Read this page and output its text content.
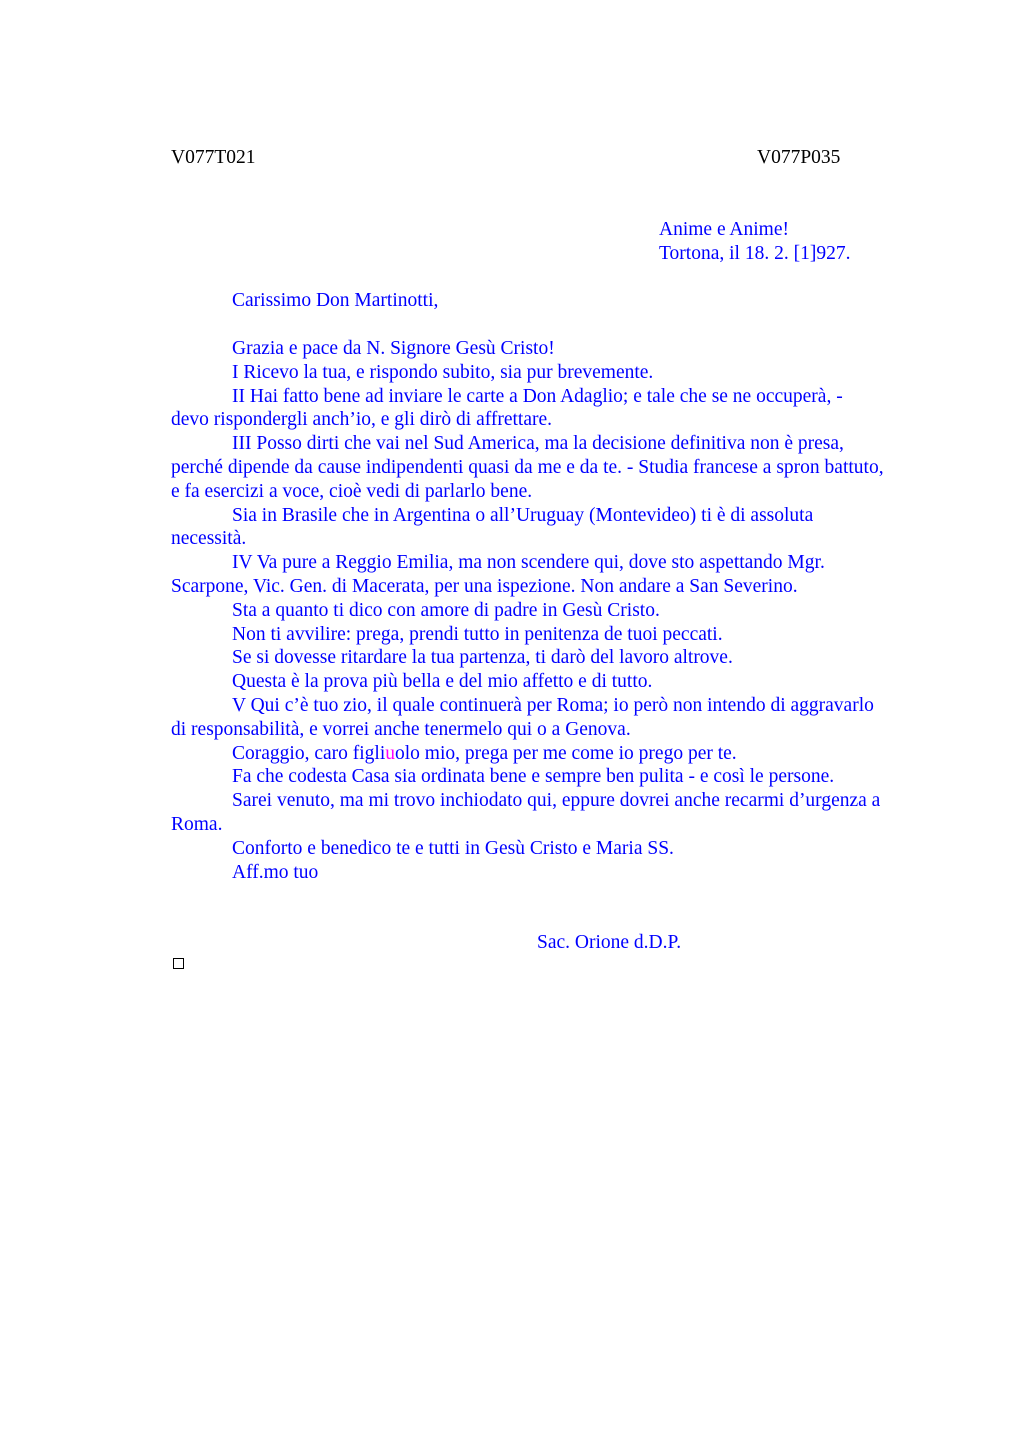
V077T021	V077P035
Anime e Anime!
Tortona, il 18. 2. [1]927.
Carissimo Don Martinotti,

Grazia e pace da N. Signore Gesù Cristo!

I Ricevo la tua, e rispondo subito, sia pur brevemente.

II Hai fatto bene ad inviare le carte a Don Adaglio; e tale che se ne occuperà, -
devo rispondergli anch’io, e gli dirò di affrettare.

III Posso dirti che vai nel Sud America, ma la decisione definitiva non è presa,
perché dipende da cause indipendenti quasi da me e da te. - Studia francese a spron battuto,
e fa esercizi a voce, cioè vedi di parlarlo bene.

Sia in Brasile che in Argentina o all’Uruguay (Montevideo) ti è di assoluta
necessità.

IV Va pure a Reggio Emilia, ma non scendere qui, dove sto aspettando Mgr.
Scarpone, Vic. Gen. di Macerata, per una ispezione. Non andare a San Severino.

Sta a quanto ti dico con amore di padre in Gesù Cristo.

Non ti avvilire: prega, prendi tutto in penitenza de tuoi peccati.

Se si dovesse ritardare la tua partenza, ti darò del lavoro altrove.

Questa è la prova più bella e del mio affetto e di tutto.

V Qui c’è tuo zio, il quale continuerà per Roma; io però non intendo di aggravarlo
di responsabilità, e vorrei anche tenermelo qui o a Genova.

Coraggio, caro figliuolo mio, prega per me come io prego per te.

Fa che codesta Casa sia ordinata bene e sempre ben pulita - e così le persone.

Sarei venuto, ma mi trovo inchiodato qui, eppure dovrei anche recarmi d’urgenza a
Roma.

Conforto e benedico te e tutti in Gesù Cristo e Maria SS.

Aff.mo tuo

Sac. Orione d.D.P.
